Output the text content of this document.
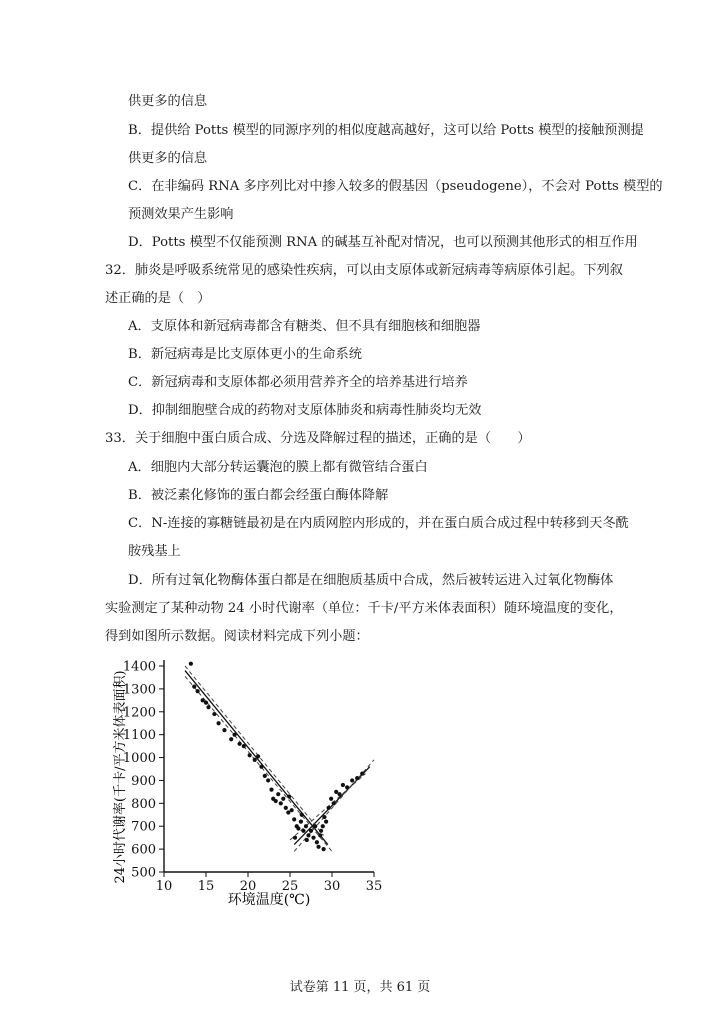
供更多的信息
B．提供给 Potts 模型的同源序列的相似度越高越好，这可以给 Potts 模型的接触预测提
供更多的信息
C．在非编码 RNA 多序列比对中掺入较多的假基因（pseudogene），不会对 Potts 模型的
预测效果产生影响
D．Potts 模型不仅能预测 RNA 的碱基互补配对情况，也可以预测其他形式的相互作用
32．肺炎是呼吸系统常见的感染性疾病，可以由支原体或新冠病毒等病原体引起。下列叙
述正确的是（　）
A．支原体和新冠病毒都含有糖类、但不具有细胞核和细胞器
B．新冠病毒是比支原体更小的生命系统
C．新冠病毒和支原体都必须用营养齐全的培养基进行培养
D．抑制细胞壁合成的药物对支原体肺炎和病毒性肺炎均无效
33．关于细胞中蛋白质合成、分选及降解过程的描述，正确的是（　　）
A．细胞内大部分转运囊泡的膜上都有微管结合蛋白
B．被泛素化修饰的蛋白都会经蛋白酶体降解
C．N-连接的寡糖链最初是在内质网腔内形成的，并在蛋白质合成过程中转移到天冬酰
胺残基上
D．所有过氧化物酶体蛋白都是在细胞质基质中合成，然后被转运进入过氧化物酶体
实验测定了某种动物 24 小时代谢率（单位：千卡/平方米体表面积）随环境温度的变化，
得到如图所示数据。阅读材料完成下列小题：
10 15 20 25 30 35
500
600
700
800
900
1000
1100
1200
1300
1400
环境温度(℃)
24小时代谢率(千卡/平方米体表面积)
试卷第 11 页，共 61 页
